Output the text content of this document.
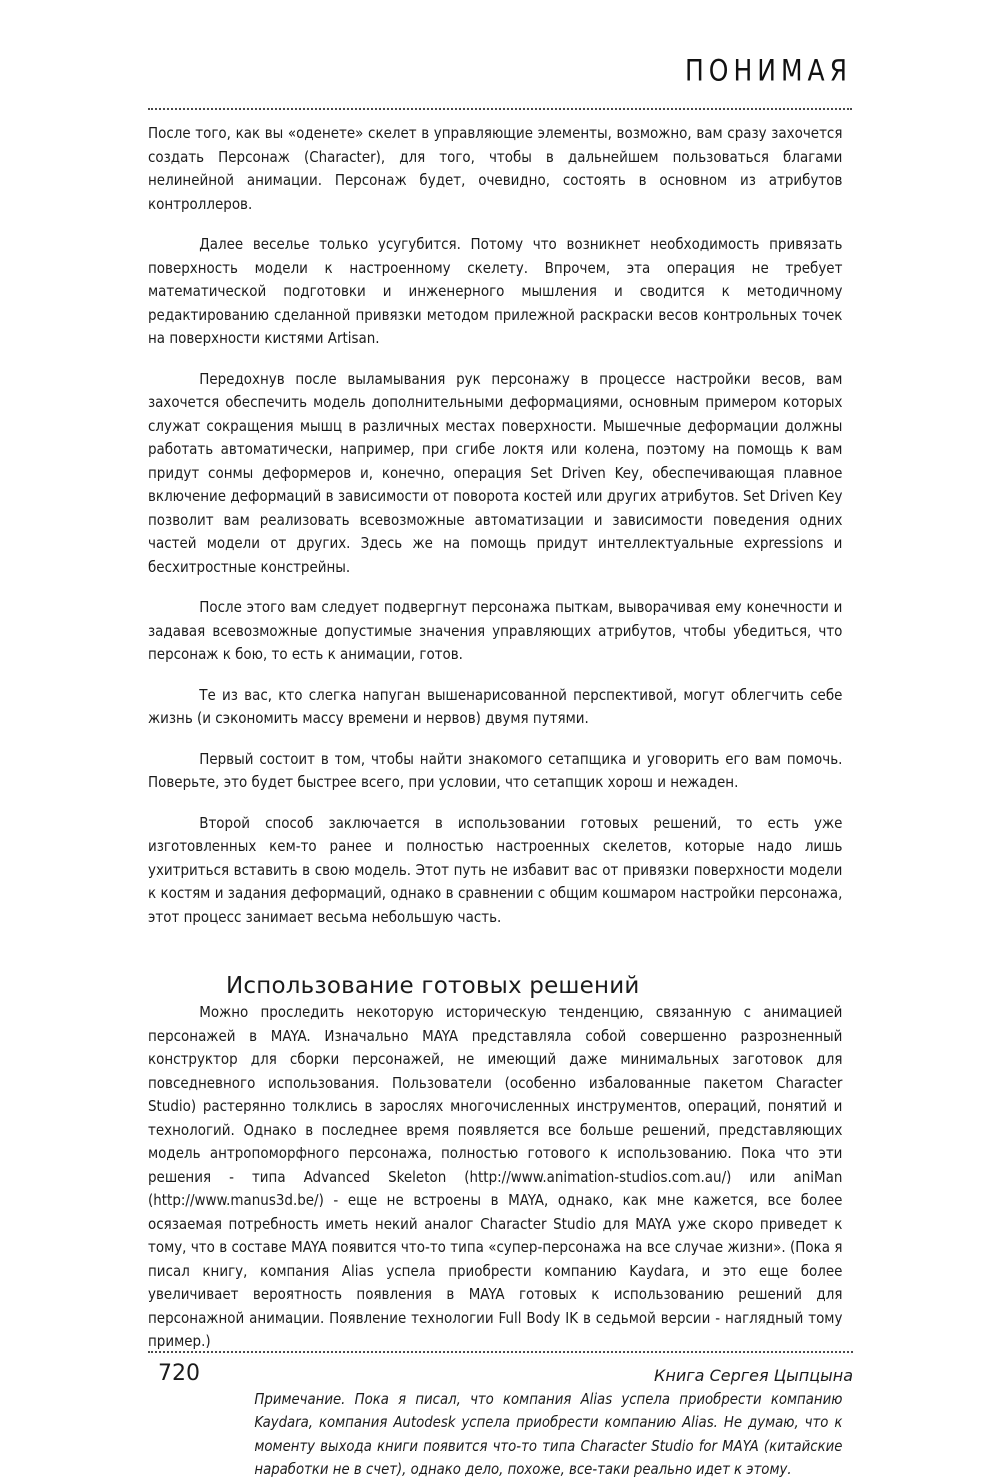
ПОНИМАЯ

После того, как вы «оденете» скелет в управляющие элементы, возможно, вам сразу захочется создать Персонаж (Character), для того, чтобы в дальнейшем пользоваться благами нелинейной анимации. Персонаж будет, очевидно, состоять в основном из атрибутов контроллеров.

Далее веселье только усугубится. Потому что возникнет необходимость привязать поверхность модели к настроенному скелету. Впрочем, эта операция не требует математической подготовки и инженерного мышления и сводится к методичному редактированию сделанной привязки методом прилежной раскраски весов контрольных точек на поверхности кистями Artisan.

Передохнув после выламывания рук персонажу в процессе настройки весов, вам захочется обеспечить модель дополнительными деформациями, основным примером которых служат сокращения мышц в различных местах поверхности. Мышечные деформации должны работать автоматически, например, при сгибе локтя или колена, поэтому на помощь к вам придут сонмы деформеров и, конечно, операция Set Driven Key, обеспечивающая плавное включение деформаций в зависимости от поворота костей или других атрибутов. Set Driven Key позволит вам реализовать всевозможные автоматизации и зависимости поведения одних частей модели от других. Здесь же на помощь придут интеллектуальные expressions и бесхитростные констрейны.

После этого вам следует подвергнут персонажа пыткам, выворачивая ему конечности и задавая всевозможные допустимые значения управляющих атрибутов, чтобы убедиться, что персонаж к бою, то есть к анимации, готов.

Те из вас, кто слегка напуган вышенарисованной перспективой, могут облегчить себе жизнь (и сэкономить массу времени и нервов) двумя путями.

Первый состоит в том, чтобы найти знакомого сетапщика и уговорить его вам помочь. Поверьте, это будет быстрее всего, при условии, что сетапщик хорош и нежаден.

Второй способ заключается в использовании готовых решений, то есть уже изготовленных кем-то ранее и полностью настроенных скелетов, которые надо лишь ухитриться вставить в свою модель. Этот путь не избавит вас от привязки поверхности модели к костям и задания деформаций, однако в сравнении с общим кошмаром настройки персонажа, этот процесс занимает весьма небольшую часть.

Использование готовых решений

Можно проследить некоторую историческую тенденцию, связанную с анимацией персонажей в MAYA. Изначально MAYA представляла собой совершенно разрозненный конструктор для сборки персонажей, не имеющий даже минимальных заготовок для повседневного использования. Пользователи (особенно избалованные пакетом Character Studio) растерянно толклись в зарослях многочисленных инструментов, операций, понятий и технологий. Однако в последнее время появляется все больше решений, представляющих модель антропоморфного персонажа, полностью готового к использованию. Пока что эти решения - типа Advanced Skeleton (http://www.animation-studios.com.au/) или aniMan (http://www.manus3d.be/) - еще не встроены в MAYA, однако, как мне кажется, все более осязаемая потребность иметь некий аналог Character Studio для MAYA уже скоро приведет к тому, что в составе MAYA появится что-то типа «супер-персонажа на все случае жизни». (Пока я писал книгу, компания Alias успела приобрести компанию Kaydara, и это еще более увеличивает вероятность появления в MAYA готовых к использованию решений для персонажной анимации. Появление технологии Full Body IK в седьмой версии - наглядный тому пример.)

Примечание. Пока я писал, что компания Alias успела приобрести компанию Kaydara, компания Autodesk успела приобрести компанию Alias. Не думаю, что к моменту выхода книги появится что-то типа Character Studio for MAYA (китайские наработки не в счет), однако дело, похоже, все-таки реально идет к этому.

720	Книга Сергея Цыпцына
